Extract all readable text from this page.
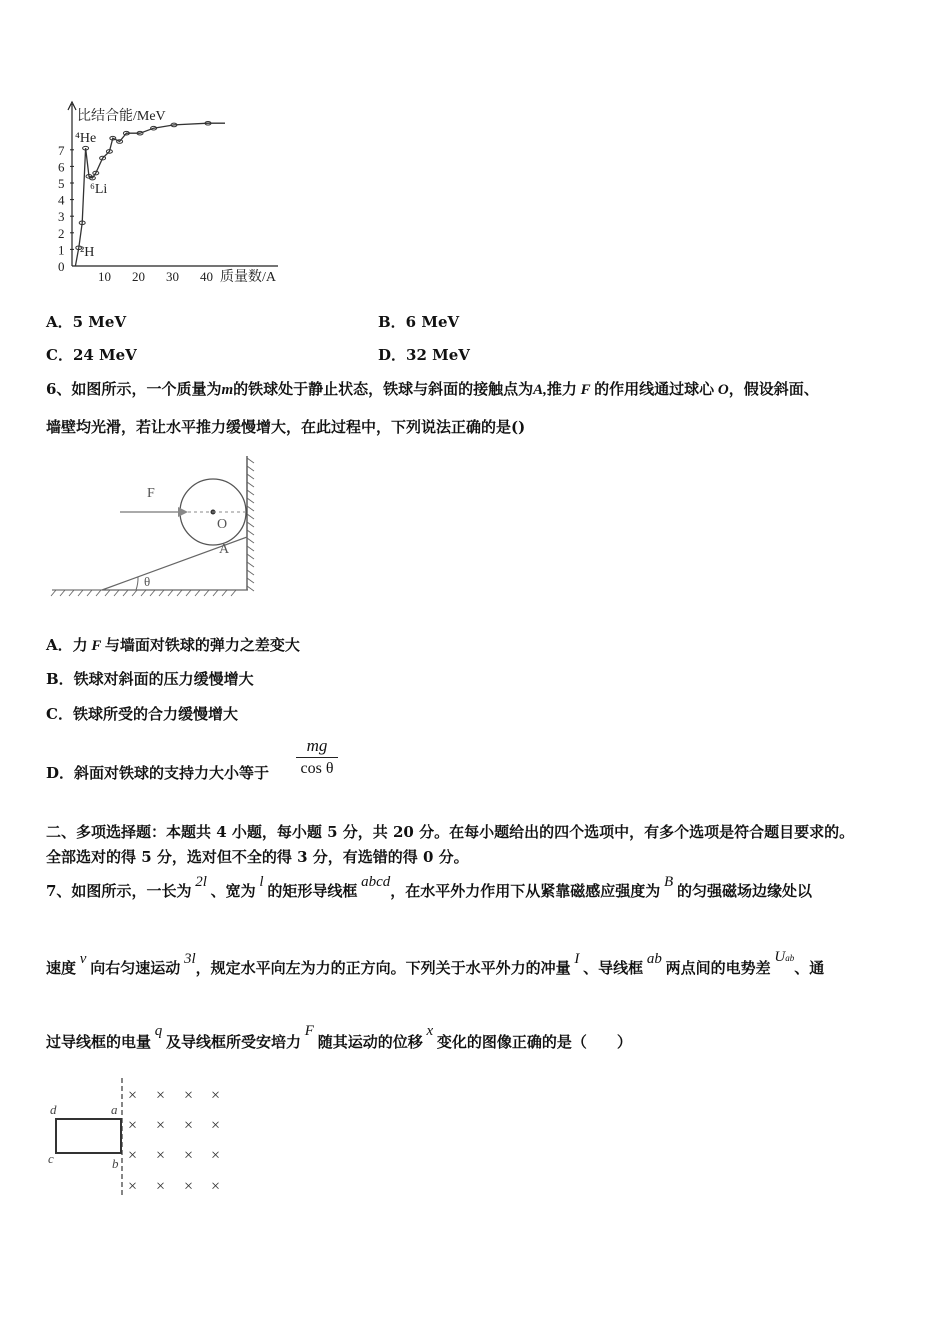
0
1
2
3
4
5
6
7
10 20 30 40
比结合能/MeV
质量数/A
⁴He
⁶Li
²H
A．5 MeV	B．6 MeV
C．24 MeV	D．32 MeV
6、如图所示，一个质量为m的铁球处于静止状态，铁球与斜面的接触点为A,推力 F 的作用线通过球心 O，假设斜面、
墙壁均光滑，若让水平推力缓慢增大，在此过程中，下列说法正确的是()
F
O
A
θ
A．力 F 与墙面对铁球的弹力之差变大
B．铁球对斜面的压力缓慢增大
C．铁球所受的合力缓慢增大
D．斜面对铁球的支持力大小等于
mg
cos θ
二、多项选择题：本题共 4 小题，每小题 5 分，共 20 分。在每小题给出的四个选项中，有多个选项是符合题目要求的。
全部选对的得 5 分，选对但不全的得 3 分，有选错的得 0 分。
7、如图所示，一长为 2l 、宽为 l 的矩形导线框 abcd，在水平外力作用下从紧靠磁感应强度为 B 的匀强磁场边缘处以
速度 v 向右匀速运动 3l，规定水平向左为力的正方向。下列关于水平外力的冲量 I 、导线框 ab 两点间的电势差 Uab、通
过导线框的电量 q 及导线框所受安培力 F 随其运动的位移 x 变化的图像正确的是（　　）
× × × ×
× × × ×
× × × ×
× × × ×
d	a
c	b
